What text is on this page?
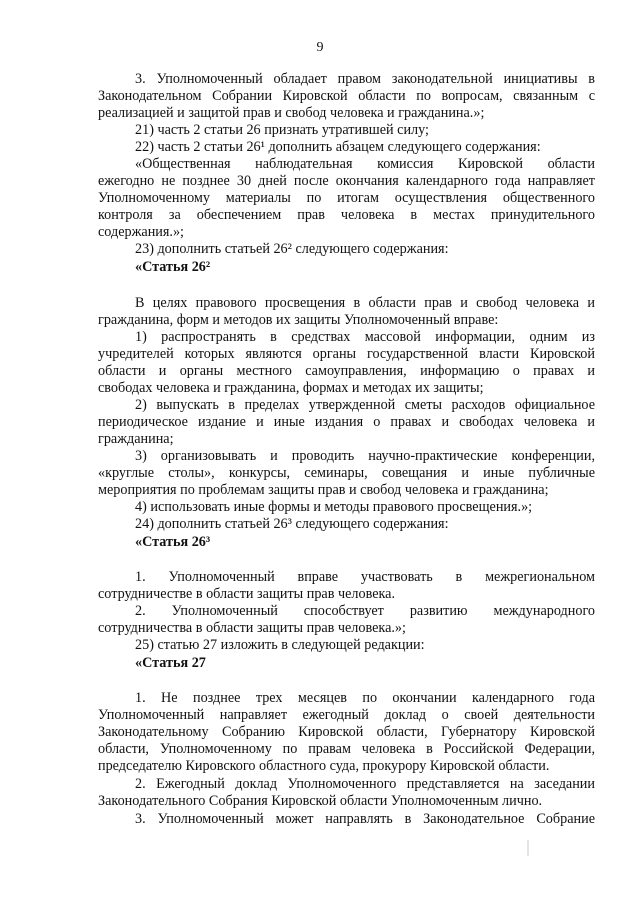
9
3. Уполномоченный обладает правом законодательной инициативы в
Законодательном Собрании Кировской области по вопросам, связанным с
реализацией и защитой прав и свобод человека и гражданина.»;
21) часть 2 статьи 26 признать утратившей силу;
22) часть 2 статьи 26¹ дополнить абзацем следующего содержания:
«Общественная наблюдательная комиссия Кировской области
ежегодно не позднее 30 дней после окончания календарного года направляет
Уполномоченному материалы по итогам осуществления общественного
контроля за обеспечением прав человека в местах принудительного
содержания.»;
23) дополнить статьей 26² следующего содержания:
«Статья 26²
В целях правового просвещения в области прав и свобод человека и
гражданина, форм и методов их защиты Уполномоченный вправе:
1) распространять в средствах массовой информации, одним из
учредителей которых являются органы государственной власти Кировской
области и органы местного самоуправления, информацию о правах и
свободах человека и гражданина, формах и методах их защиты;
2) выпускать в пределах утвержденной сметы расходов официальное
периодическое издание и иные издания о правах и свободах человека и
гражданина;
3) организовывать и проводить научно-практические конференции,
«круглые столы», конкурсы, семинары, совещания и иные публичные
мероприятия по проблемам защиты прав и свобод человека и гражданина;
4) использовать иные формы и методы правового просвещения.»;
24) дополнить статьей 26³ следующего содержания:
«Статья 26³
1. Уполномоченный вправе участвовать в межрегиональном
сотрудничестве в области защиты прав человека.
2. Уполномоченный способствует развитию международного
сотрудничества в области защиты прав человека.»;
25) статью 27 изложить в следующей редакции:
«Статья 27
1. Не позднее трех месяцев по окончании календарного года
Уполномоченный направляет ежегодный доклад о своей деятельности
Законодательному Собранию Кировской области, Губернатору Кировской
области, Уполномоченному по правам человека в Российской Федерации,
председателю Кировского областного суда, прокурору Кировской области.
2. Ежегодный доклад Уполномоченного представляется на заседании
Законодательного Собрания Кировской области Уполномоченным лично.
3. Уполномоченный может направлять в Законодательное Собрание
